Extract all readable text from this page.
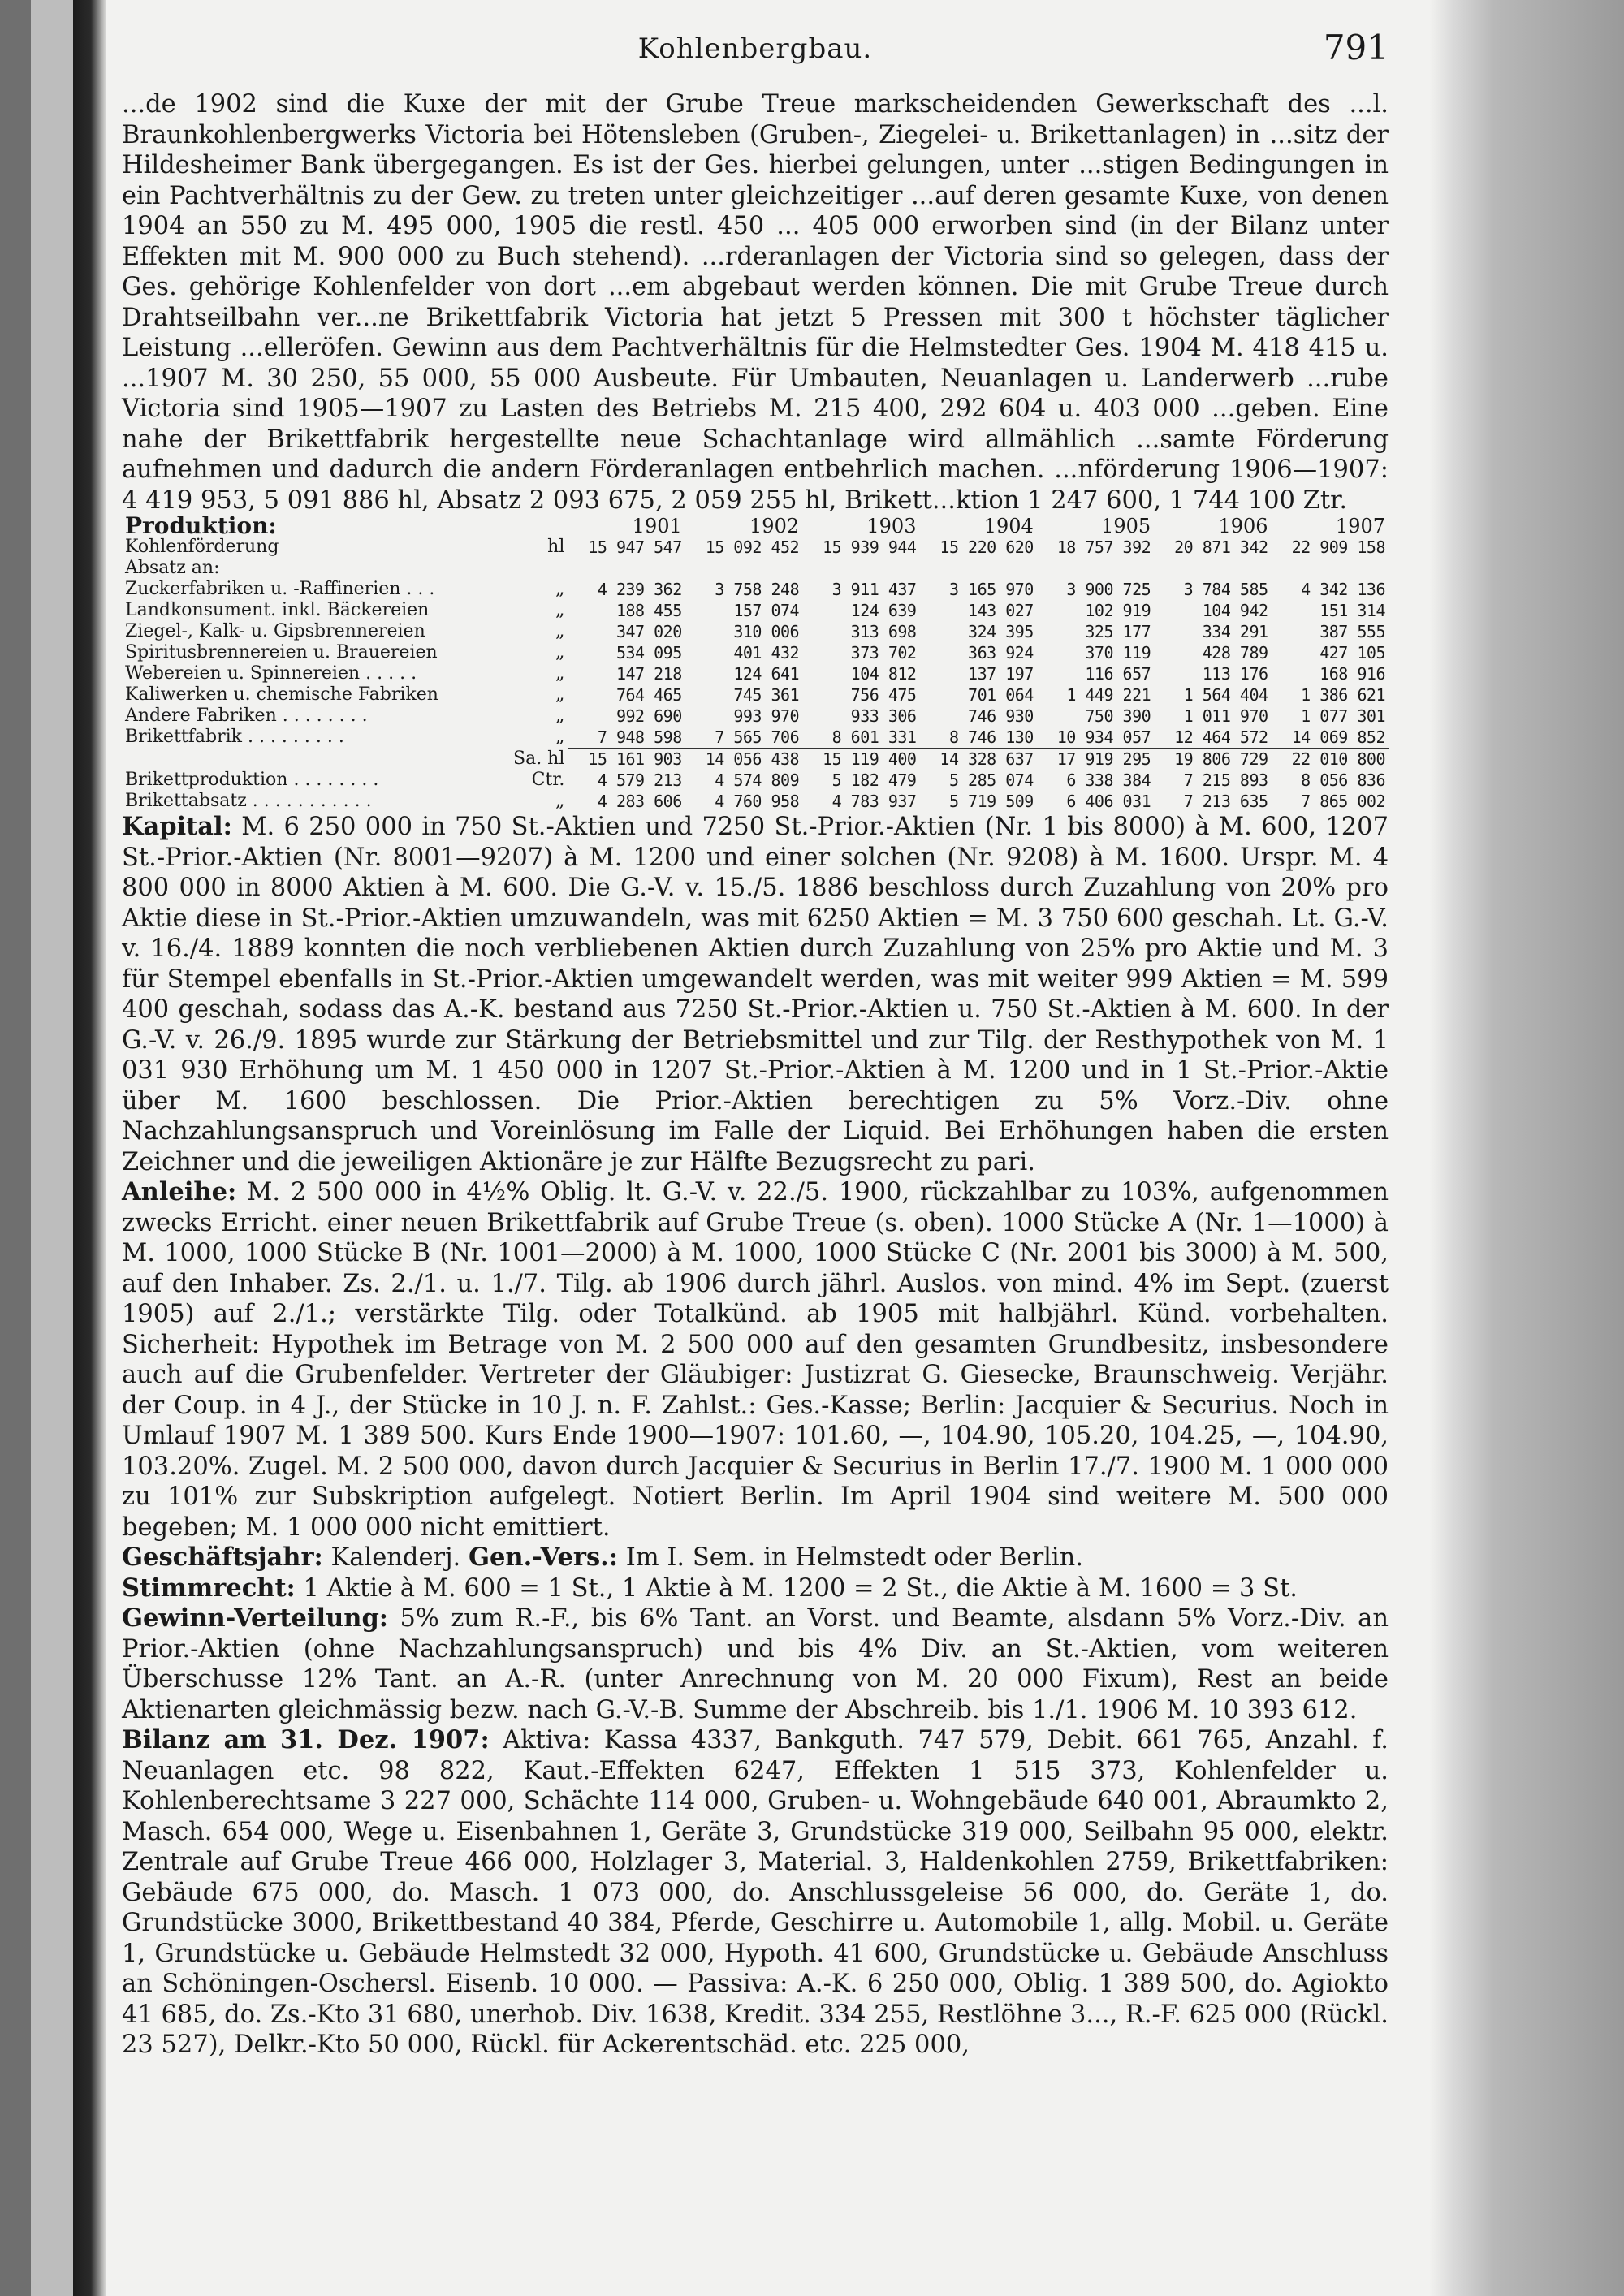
Kohlenbergbau.	791

...de 1902 sind die Kuxe der mit der Grube Treue markscheidenden Gewerkschaft des ...l. Braunkohlenbergwerks Victoria bei Hötensleben (Gruben-, Ziegelei- u. Brikettanlagen) in ...sitz der Hildesheimer Bank übergegangen. Es ist der Ges. hierbei gelungen, unter ...stigen Bedingungen in ein Pachtverhältnis zu der Gew. zu treten unter gleichzeitiger ...auf deren gesamte Kuxe, von denen 1904 an 550 zu M. 495 000, 1905 die restl. 450 ... 405 000 erworben sind (in der Bilanz unter Effekten mit M. 900 000 zu Buch stehend). ...rderanlagen der Victoria sind so gelegen, dass der Ges. gehörige Kohlenfelder von dort ...em abgebaut werden können. Die mit Grube Treue durch Drahtseilbahn ver...ne Brikettfabrik Victoria hat jetzt 5 Pressen mit 300 t höchster täglicher Leistung ...elleröfen. Gewinn aus dem Pachtverhältnis für die Helmstedter Ges. 1904 M. 418 415 u. ...1907 M. 30 250, 55 000, 55 000 Ausbeute. Für Umbauten, Neuanlagen u. Landerwerb ...rube Victoria sind 1905—1907 zu Lasten des Betriebs M. 215 400, 292 604 u. 403 000 ...geben. Eine nahe der Brikettfabrik hergestellte neue Schachtanlage wird allmählich ...samte Förderung aufnehmen und dadurch die andern Förderanlagen entbehrlich machen. ...nförderung 1906—1907: 4 419 953, 5 091 886 hl, Absatz 2 093 675, 2 059 255 hl, Brikett...ktion 1 247 600, 1 744 100 Ztr.

Produktion:		1901	1902	1903	1904	1905	1906	1907
Kohlenförderung	hl	15 947 547	15 092 452	15 939 944	15 220 620	18 757 392	20 871 342	22 909 158
Absatz an:								
Zuckerfabriken u. -Raffinerien . . .	„	4 239 362	3 758 248	3 911 437	3 165 970	3 900 725	3 784 585	4 342 136
Landkonsument. inkl. Bäckereien	„	188 455	157 074	124 639	143 027	102 919	104 942	151 314
Ziegel-, Kalk- u. Gipsbrennereien	„	347 020	310 006	313 698	324 395	325 177	334 291	387 555
Spiritusbrennereien u. Brauereien	„	534 095	401 432	373 702	363 924	370 119	428 789	427 105
Webereien u. Spinnereien . . . . .	„	147 218	124 641	104 812	137 197	116 657	113 176	168 916
Kaliwerken u. chemische Fabriken	„	764 465	745 361	756 475	701 064	1 449 221	1 564 404	1 386 621
Andere Fabriken . . . . . . . .	„	992 690	993 970	933 306	746 930	750 390	1 011 970	1 077 301
Brikettfabrik . . . . . . . . .	„	7 948 598	7 565 706	8 601 331	8 746 130	10 934 057	12 464 572	14 069 852
	Sa. hl	15 161 903	14 056 438	15 119 400	14 328 637	17 919 295	19 806 729	22 010 800
Brikettproduktion . . . . . . . .	Ctr.	4 579 213	4 574 809	5 182 479	5 285 074	6 338 384	7 215 893	8 056 836
Brikettabsatz . . . . . . . . . . .	„	4 283 606	4 760 958	4 783 937	5 719 509	6 406 031	7 213 635	7 865 002

Kapital: M. 6 250 000 in 750 St.-Aktien und 7250 St.-Prior.-Aktien (Nr. 1 bis 8000) à M. 600, 1207 St.-Prior.-Aktien (Nr. 8001—9207) à M. 1200 und einer solchen (Nr. 9208) à M. 1600. Urspr. M. 4 800 000 in 8000 Aktien à M. 600. Die G.-V. v. 15./5. 1886 beschloss durch Zuzahlung von 20% pro Aktie diese in St.-Prior.-Aktien umzuwandeln, was mit 6250 Aktien = M. 3 750 600 geschah. Lt. G.-V. v. 16./4. 1889 konnten die noch verbliebenen Aktien durch Zuzahlung von 25% pro Aktie und M. 3 für Stempel ebenfalls in St.-Prior.-Aktien umgewandelt werden, was mit weiter 999 Aktien = M. 599 400 geschah, sodass das A.-K. bestand aus 7250 St.-Prior.-Aktien u. 750 St.-Aktien à M. 600. In der G.-V. v. 26./9. 1895 wurde zur Stärkung der Betriebsmittel und zur Tilg. der Resthypothek von M. 1 031 930 Erhöhung um M. 1 450 000 in 1207 St.-Prior.-Aktien à M. 1200 und in 1 St.-Prior.-Aktie über M. 1600 beschlossen. Die Prior.-Aktien berechtigen zu 5% Vorz.-Div. ohne Nachzahlungsanspruch und Voreinlösung im Falle der Liquid. Bei Erhöhungen haben die ersten Zeichner und die jeweiligen Aktionäre je zur Hälfte Bezugsrecht zu pari.

Anleihe: M. 2 500 000 in 4½% Oblig. lt. G.-V. v. 22./5. 1900, rückzahlbar zu 103%, aufgenommen zwecks Erricht. einer neuen Brikettfabrik auf Grube Treue (s. oben). 1000 Stücke A (Nr. 1—1000) à M. 1000, 1000 Stücke B (Nr. 1001—2000) à M. 1000, 1000 Stücke C (Nr. 2001 bis 3000) à M. 500, auf den Inhaber. Zs. 2./1. u. 1./7. Tilg. ab 1906 durch jährl. Auslos. von mind. 4% im Sept. (zuerst 1905) auf 2./1.; verstärkte Tilg. oder Totalkünd. ab 1905 mit halbjährl. Künd. vorbehalten. Sicherheit: Hypothek im Betrage von M. 2 500 000 auf den gesamten Grundbesitz, insbesondere auch auf die Grubenfelder. Vertreter der Gläubiger: Justizrat G. Giesecke, Braunschweig. Verjähr. der Coup. in 4 J., der Stücke in 10 J. n. F. Zahlst.: Ges.-Kasse; Berlin: Jacquier & Securius. Noch in Umlauf 1907 M. 1 389 500. Kurs Ende 1900—1907: 101.60, —, 104.90, 105.20, 104.25, —, 104.90, 103.20%. Zugel. M. 2 500 000, davon durch Jacquier & Securius in Berlin 17./7. 1900 M. 1 000 000 zu 101% zur Subskription aufgelegt. Notiert Berlin. Im April 1904 sind weitere M. 500 000 begeben; M. 1 000 000 nicht emittiert.

Geschäftsjahr: Kalenderj. Gen.-Vers.: Im I. Sem. in Helmstedt oder Berlin.

Stimmrecht: 1 Aktie à M. 600 = 1 St., 1 Aktie à M. 1200 = 2 St., die Aktie à M. 1600 = 3 St.

Gewinn-Verteilung: 5% zum R.-F., bis 6% Tant. an Vorst. und Beamte, alsdann 5% Vorz.-Div. an Prior.-Aktien (ohne Nachzahlungsanspruch) und bis 4% Div. an St.-Aktien, vom weiteren Überschusse 12% Tant. an A.-R. (unter Anrechnung von M. 20 000 Fixum), Rest an beide Aktienarten gleichmässig bezw. nach G.-V.-B. Summe der Abschreib. bis 1./1. 1906 M. 10 393 612.

Bilanz am 31. Dez. 1907: Aktiva: Kassa 4337, Bankguth. 747 579, Debit. 661 765, Anzahl. f. Neuanlagen etc. 98 822, Kaut.-Effekten 6247, Effekten 1 515 373, Kohlenfelder u. Kohlenberechtsame 3 227 000, Schächte 114 000, Gruben- u. Wohngebäude 640 001, Abraumkto 2, Masch. 654 000, Wege u. Eisenbahnen 1, Geräte 3, Grundstücke 319 000, Seilbahn 95 000, elektr. Zentrale auf Grube Treue 466 000, Holzlager 3, Material. 3, Haldenkohlen 2759, Brikettfabriken: Gebäude 675 000, do. Masch. 1 073 000, do. Anschlussgeleise 56 000, do. Geräte 1, do. Grundstücke 3000, Brikettbestand 40 384, Pferde, Geschirre u. Automobile 1, allg. Mobil. u. Geräte 1, Grundstücke u. Gebäude Helmstedt 32 000, Hypoth. 41 600, Grundstücke u. Gebäude Anschluss an Schöningen-Oschersl. Eisenb. 10 000. — Passiva: A.-K. 6 250 000, Oblig. 1 389 500, do. Agiokto 41 685, do. Zs.-Kto 31 680, unerhob. Div. 1638, Kredit. 334 255, Restlöhne 3..., R.-F. 625 000 (Rückl. 23 527), Delkr.-Kto 50 000, Rückl. für Ackerentschäd. etc. 225 000,
